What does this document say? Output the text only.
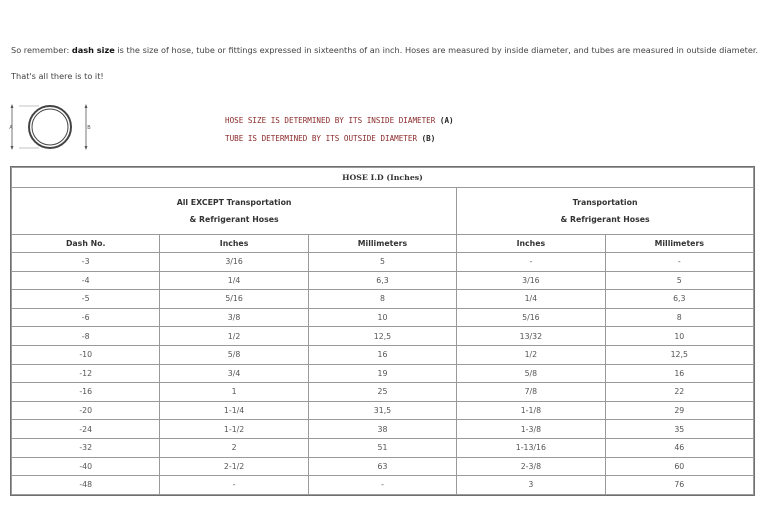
So remember: dash size is the size of hose, tube or fittings expressed in sixteenths of an inch. Hoses are measured by inside diameter, and tubes are measured in outside diameter.
That's all there is to it!
A	B
HOSE SIZE IS DETERMINED BY ITS INSIDE DIAMETER (A)
TUBE IS DETERMINED BY ITS OUTSIDE DIAMETER (B)
HOSE I.D (Inches)				
All EXCEPT Transportation
& Refrigerant Hoses			Transportation
& Refrigerant Hoses	
Dash No.	Inches	Millimeters	Inches	Millimeters
-3	3/16	5	-	-
-4	1/4	6,3	3/16	5
-5	5/16	8	1/4	6,3
-6	3/8	10	5/16	8
-8	1/2	12,5	13/32	10
-10	5/8	16	1/2	12,5
-12	3/4	19	5/8	16
-16	1	25	7/8	22
-20	1-1/4	31,5	1-1/8	29
-24	1-1/2	38	1-3/8	35
-32	2	51	1-13/16	46
-40	2-1/2	63	2-3/8	60
-48	-	-	3	76
